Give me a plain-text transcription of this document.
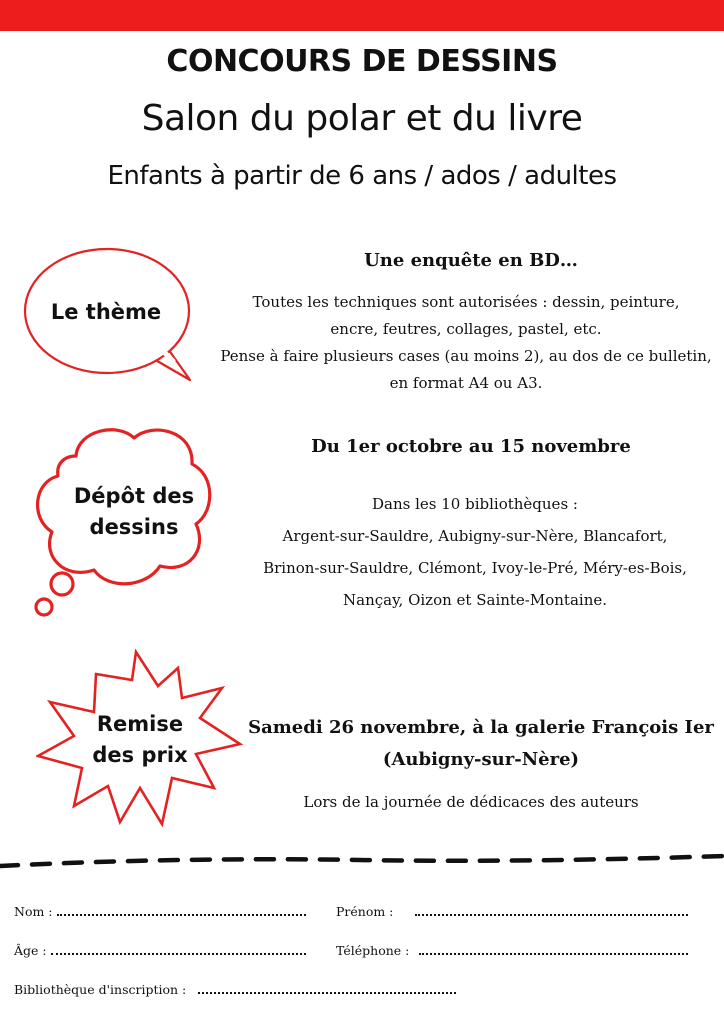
CONCOURS DE DESSINS
Salon du polar et du livre
Enfants à partir de 6 ans / ados / adultes
Le thème
Une enquête en BD…
Toutes les techniques sont autorisées : dessin, peinture,
encre, feutres, collages, pastel, etc.
Pense à faire plusieurs cases (au moins 2), au dos de ce bulletin,
en format A4 ou A3.
Dépôt des
dessins
Du 1er octobre au 15 novembre
Dans les 10 bibliothèques :
Argent-sur-Sauldre, Aubigny-sur-Nère, Blancafort,
Brinon-sur-Sauldre, Clémont, Ivoy-le-Pré, Méry-es-Bois,
Nançay, Oizon et Sainte-Montaine.
Remise
des prix
Samedi 26 novembre, à la galerie François Ier
(Aubigny-sur-Nère)
Lors de la journée de dédicaces des auteurs
Nom :	Prénom :
Âge :	Téléphone :
Bibliothèque d'inscription :
